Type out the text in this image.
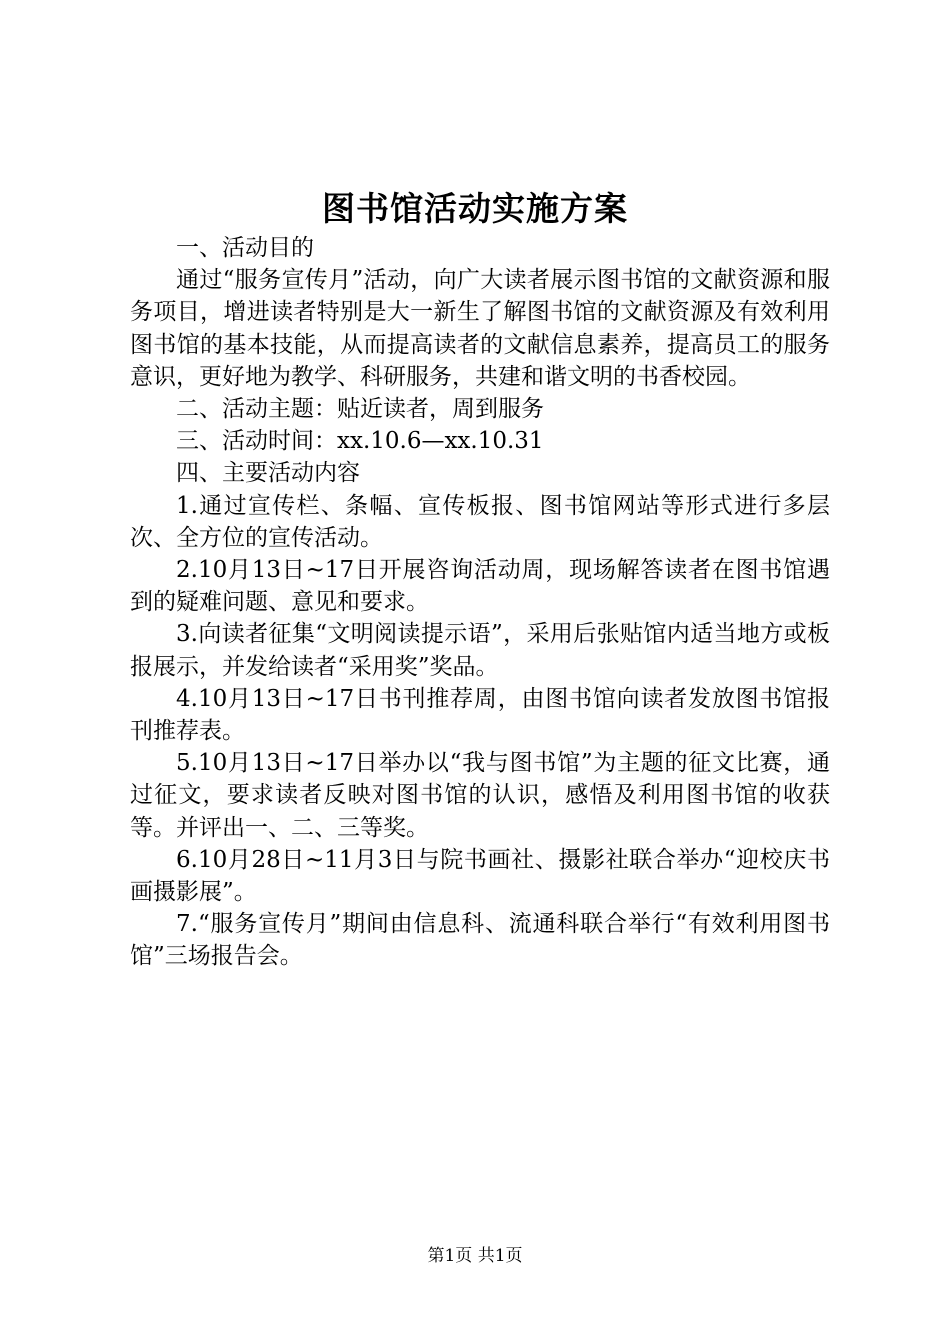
图书馆活动实施方案

一、活动目的

通过“服务宣传月”活动，向广大读者展示图书馆的文献资源和服务项目，增进读者特别是大一新生了解图书馆的文献资源及有效利用图书馆的基本技能，从而提高读者的文献信息素养，提高员工的服务意识，更好地为教学、科研服务，共建和谐文明的书香校园。

二、活动主题：贴近读者，周到服务

三、活动时间：xx.10.6—xx.10.31

四、主要活动内容

1.通过宣传栏、条幅、宣传板报、图书馆网站等形式进行多层次、全方位的宣传活动。

2.10月13日~17日开展咨询活动周，现场解答读者在图书馆遇到的疑难问题、意见和要求。

3.向读者征集“文明阅读提示语”，采用后张贴馆内适当地方或板报展示，并发给读者“采用奖”奖品。

4.10月13日~17日书刊推荐周，由图书馆向读者发放图书馆报刊推荐表。

5.10月13日~17日举办以“我与图书馆”为主题的征文比赛，通过征文，要求读者反映对图书馆的认识，感悟及利用图书馆的收获等。并评出一、二、三等奖。

6.10月28日~11月3日与院书画社、摄影社联合举办“迎校庆书画摄影展”。

7.“服务宣传月”期间由信息科、流通科联合举行“有效利用图书馆”三场报告会。

第1页 共1页
